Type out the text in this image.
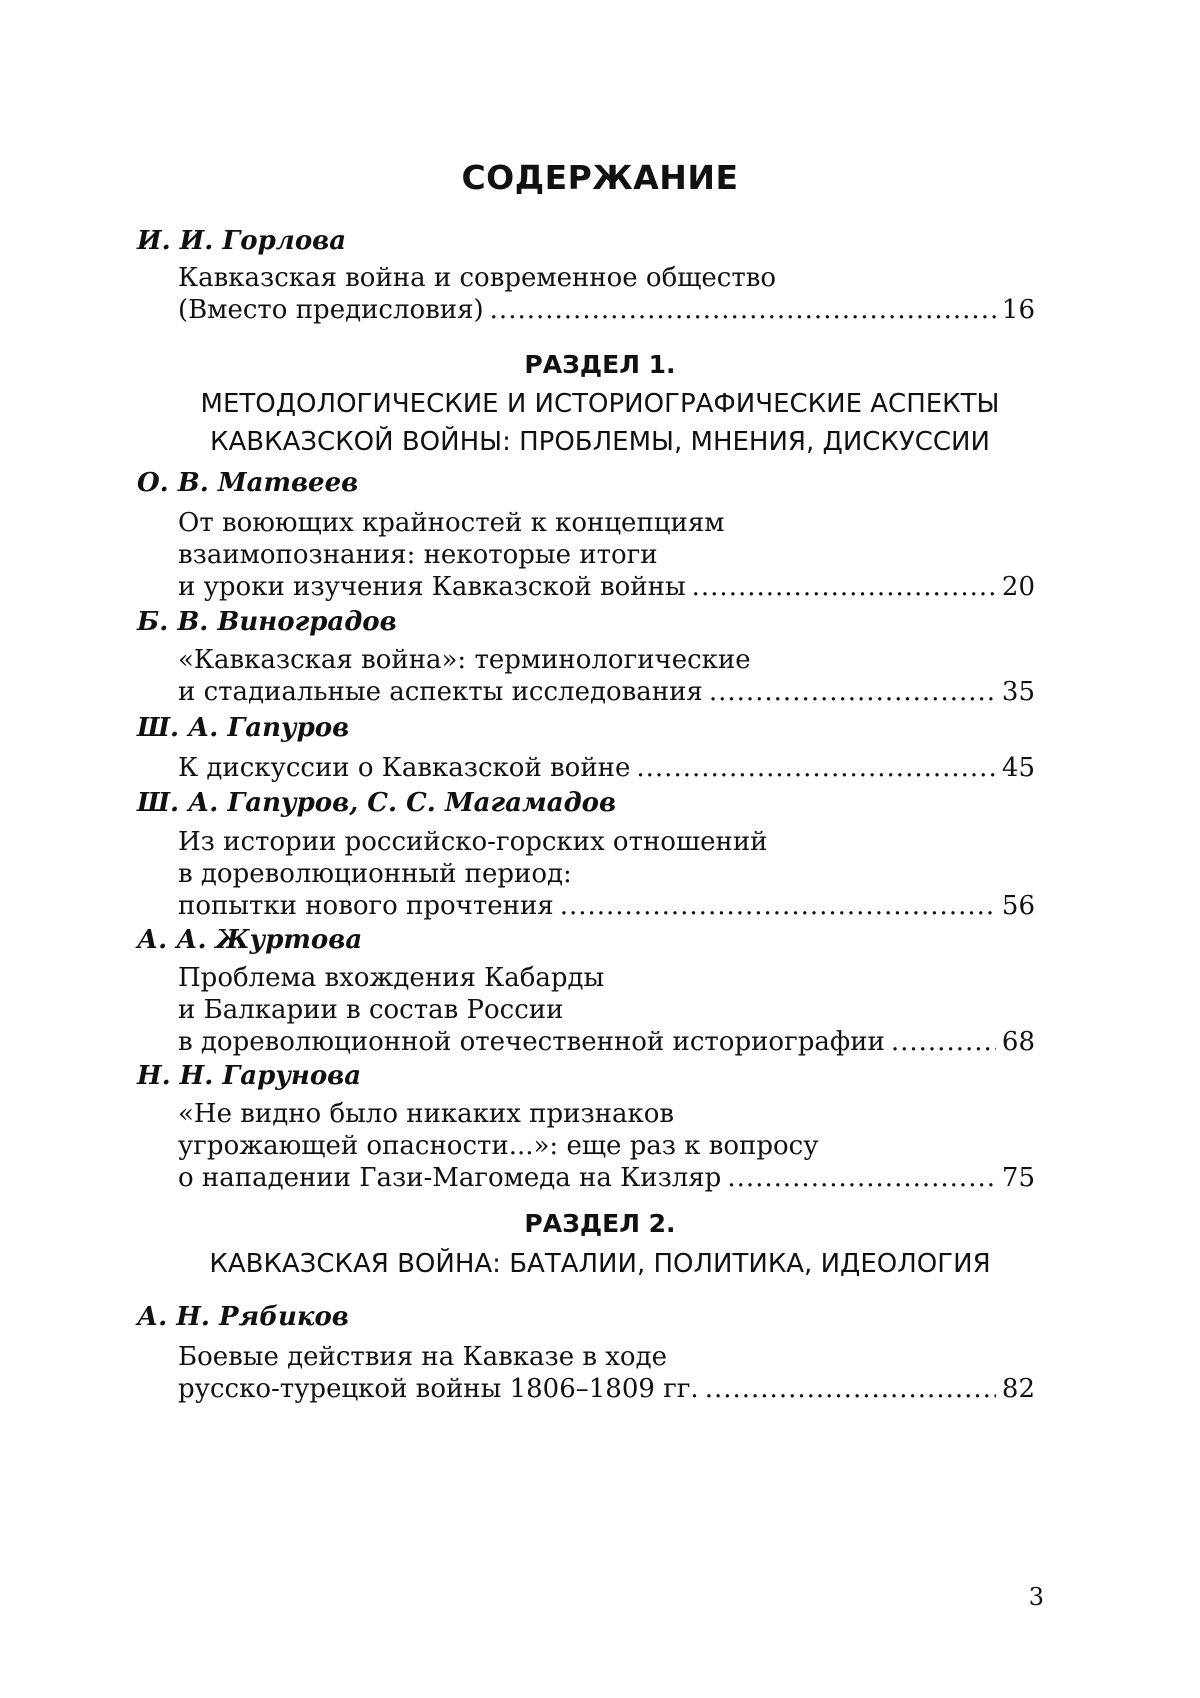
СОДЕРЖАНИЕ
И. И. Горлова
Кавказская война и современное общество
(Вместо предисловия) .....	16
РАЗДЕЛ 1.
МЕТОДОЛОГИЧЕСКИЕ И ИСТОРИОГРАФИЧЕСКИЕ АСПЕКТЫ
КАВКАЗСКОЙ ВОЙНЫ: ПРОБЛЕМЫ, МНЕНИЯ, ДИСКУССИИ
О. В. Матвеев
От воюющих крайностей к концепциям
взаимопознания: некоторые итоги
и уроки изучения Кавказской войны .....	20
Б. В. Виноградов
«Кавказская война»: терминологические
и стадиальные аспекты исследования .....	35
Ш. А. Гапуров
К дискуссии о Кавказской войне .....	45
Ш. А. Гапуров, С. С. Магамадов
Из истории российско-горских отношений
в дореволюционный период:
попытки нового прочтения .....	56
А. А. Журтова
Проблема вхождения Кабарды
и Балкарии в состав России
в дореволюционной отечественной историографии .....	68
Н. Н. Гарунова
«Не видно было никаких признаков
угрожающей опасности...»: еще раз к вопросу
о нападении Гази-Магомеда на Кизляр .....	75
РАЗДЕЛ 2.
КАВКАЗСКАЯ ВОЙНА: БАТАЛИИ, ПОЛИТИКА, ИДЕОЛОГИЯ
А. Н. Рябиков
Боевые действия на Кавказе в ходе
русско-турецкой войны 1806–1809 гг. .....	82
3
